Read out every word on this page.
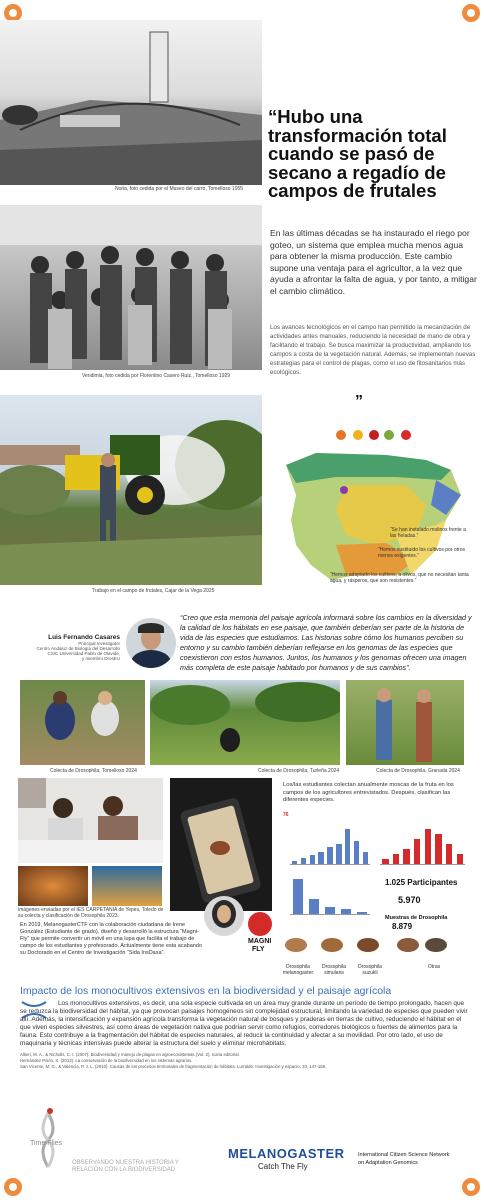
Noria, foto cedida por el Museo del carro, Tomelloso 1955
Vendimia, foto cedida por Florentino Casero Ruiz., Tomelloso 1929
Trabajo en el campo de frutales, Cajar de la Vega 2025
“Hubo una transformación total cuando se pasó de secano a regadío de campos de frutales
En las últimas décadas se ha instaurado el riego por goteo, un sistema que emplea mucha menos agua para obtener la misma producción. Este cambio supone una ventaja para el agricultor, a la vez que ayuda a afrontar la falta de agua, y por tanto, a mitigar el cambio climático.
Los avances tecnológicos en el campo han permitido la mecanización de actividades antes manuales, reduciendo la necesidad de mano de obra y facilitando el trabajo. Se busca maximizar la productividad, ampliando los campos a costa de la vegetación natural. Además, se implementan nuevas estrategias para el control de plagas, como el uso de fitosanitarios más ecológicos.
”
“Se han instalado molinos frente a las heladas.”
“Hemos sustituido los cultivos por otros menos exigentes.”
“Hemos adaptado los cultivos, a olivos, que no necesitan tanta agua, y rásperos, que son resistentes.”
Luis Fernando Casares
Principal Investigator
Centro Andaluz de Biología del Desarrollo
CSIC Universidad Pablo de Olavide,
y miembro DrosEU
“Creo que esta memoria del paisaje agrícola informará sobre los cambios en la diversidad y la calidad de los hábitats en ese paisaje, que también deberían ser parte de la historia de vida de las especies que estudiamos. Las historias sobre cómo los humanos perciben su entorno y su cambio también deberían reflejarse en los genomas de las especies que coexistieron con estos humanos. Juntos, los humanos y los genomas ofrecen una imagen más completa de este paisaje habitado por humanos y de sus cambios”.
Colecta de Drosophila, Tomelloso 2024	Colecta de Drosophila, Turleña 2024	Colecta de Drosophila, Granada 2024
imágenes enviadas por el IES CARPETANIA de Yepes, Toledo de su colecta y clasificación de Drosophila 2023.
En 2019, MelanogasterCTF con la colaboración ciudadana de Irene González (Estudiante de grado), diseñó y desarrolló la estructura “Magni-Fly” que permite convertir un móvil en una lupa que facilita el trabajo de campo de los estudiantes y profesorado. Actualmente tiene esta acabando su Doctorado en el Centro de Investigación “Sida InsDaxa”.
MAGNI
FLY
Los/las estudiantes colectan anualmente moscas de la fruta en los campos de los agricultores entrevistados. Después, clasifican las diferentes especies.
76
1.025 Participantes
5.970
Muestras de Drosophila
8.879
Drosophila melanogaster
Drosophila simulans
Drosophila suzukii
Otras
Impacto de los monocultivos extensivos en la biodiversidad y el paisaje agrícola
Los monocultivos extensivos, es decir, una sola especie cultivada en un área muy grande durante un período de tiempo prolongado, hacen que se reduzca la biodiversidad del hábitat, ya que provocan paisajes homogéneos sin complejidad estructural, limitando la variedad de especies que pueden vivir allí. Además, la intensificación y expansión agrícola transforma la vegetación natural de bosques y praderas en tierras de cultivo, reduciendo el hábitat en el que viven especies silvestres, así como áreas de vegetación nativa que podrían servir como refugios, corredores biológicos o fuentes de alimentos para la fauna. Esto contribuye a la fragmentación del hábitat de especies naturales, al reducir la continuidad y afectar a su movilidad. Por otro lado, el uso de maquinaria y técnicas intensivas puede alterar la estructura del suelo y eliminar microhábitats.
Altieri, M. A., & Nicholls, C. I. (2007). Biodiversidad y manejo de plagas en agroecosistemas (Vol. 2). Icaria editorial.
Hernández Pisón, X. (2013). La conservación de la biodiversidad en los sistemas agrarios.
San Vicente, M. G., & Valencia, P. J. L. (2010). Causas de los procesos territoriales de fragmentación de hábitats. Lurralde: Investigación y espacio, 33, 147-158.
Time Flies
OBSERVANDO NUESTRA HISTORIA Y
RELACIÓN CON LA BIODIVERSIDAD
MELANOGASTER
Catch The Fly
International Citizen Science Network
on Adaptation Genomics
